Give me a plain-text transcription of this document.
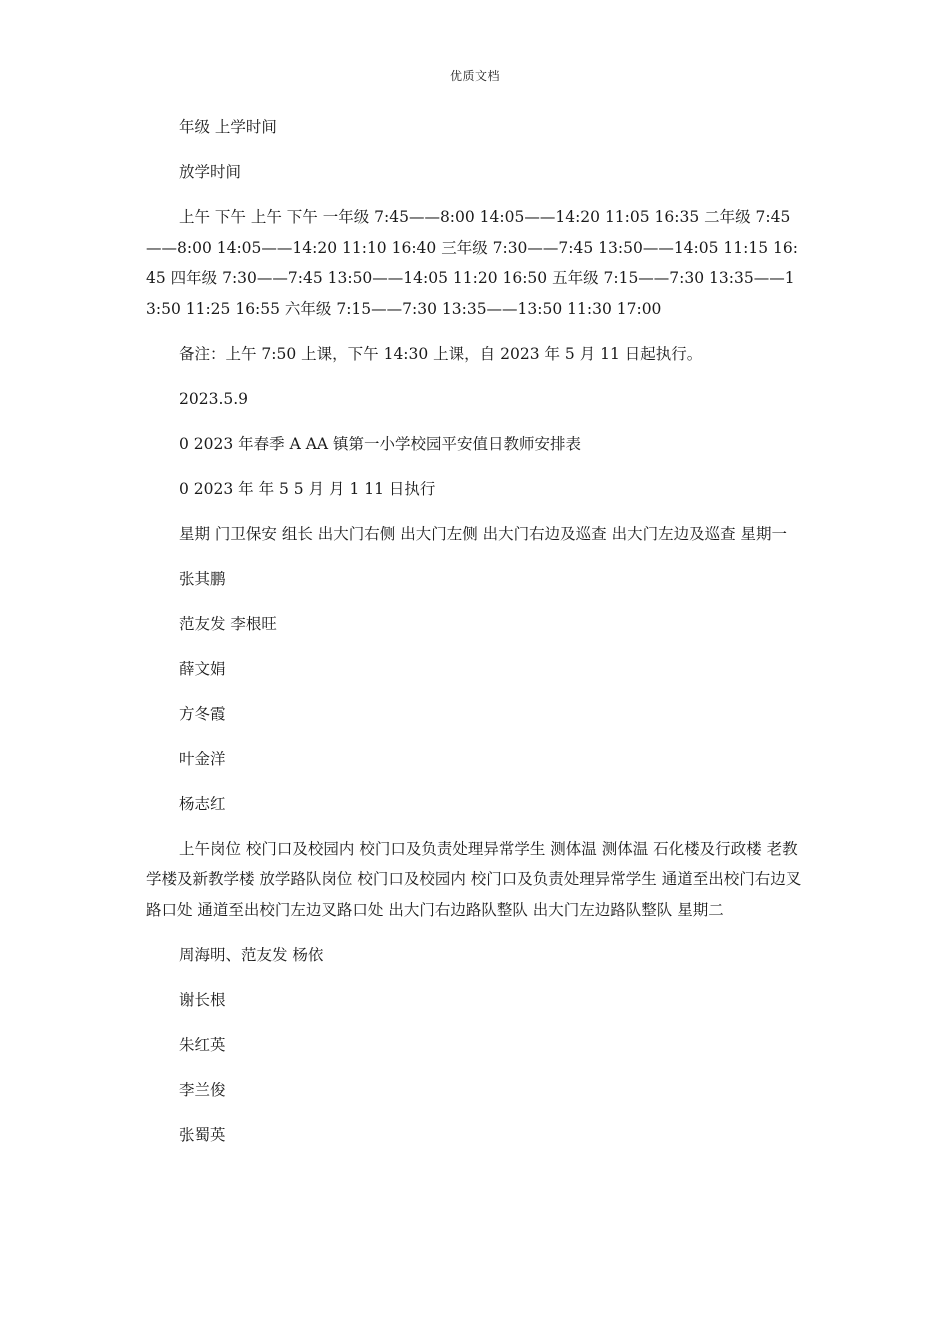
优质文档

年级 上学时间

放学时间

上午 下午 上午 下午 一年级 7:45——8:00 14:05——14:20 11:05 16:35 二年级 7:45——8:00 14:05——14:20 11:10 16:40 三年级 7:30——7:45 13:50——14:05 11:15 16:45 四年级 7:30——7:45 13:50——14:05 11:20 16:50 五年级 7:15——7:30 13:35——13:50 11:25 16:55 六年级 7:15——7:30 13:35——13:50 11:30 17:00

备注：上午 7:50 上课，下午 14:30 上课，自 2023 年 5 月 11 日起执行。

2023.5.9

0 2023 年春季 A AA 镇第一小学校园平安值日教师安排表

0 2023 年 年 5 5 月 月 1 11 日执行

星期 门卫保安 组长 出大门右侧 出大门左侧 出大门右边及巡查 出大门左边及巡查 星期一

张其鹏

范友发 李根旺

薛文娟

方冬霞

叶金洋

杨志红

上午岗位 校门口及校园内 校门口及负责处理异常学生 测体温 测体温 石化楼及行政楼 老教学楼及新教学楼 放学路队岗位 校门口及校园内 校门口及负责处理异常学生 通道至出校门右边叉路口处 通道至出校门左边叉路口处 出大门右边路队整队 出大门左边路队整队 星期二

周海明、范友发 杨依

谢长根

朱红英

李兰俊

张蜀英
